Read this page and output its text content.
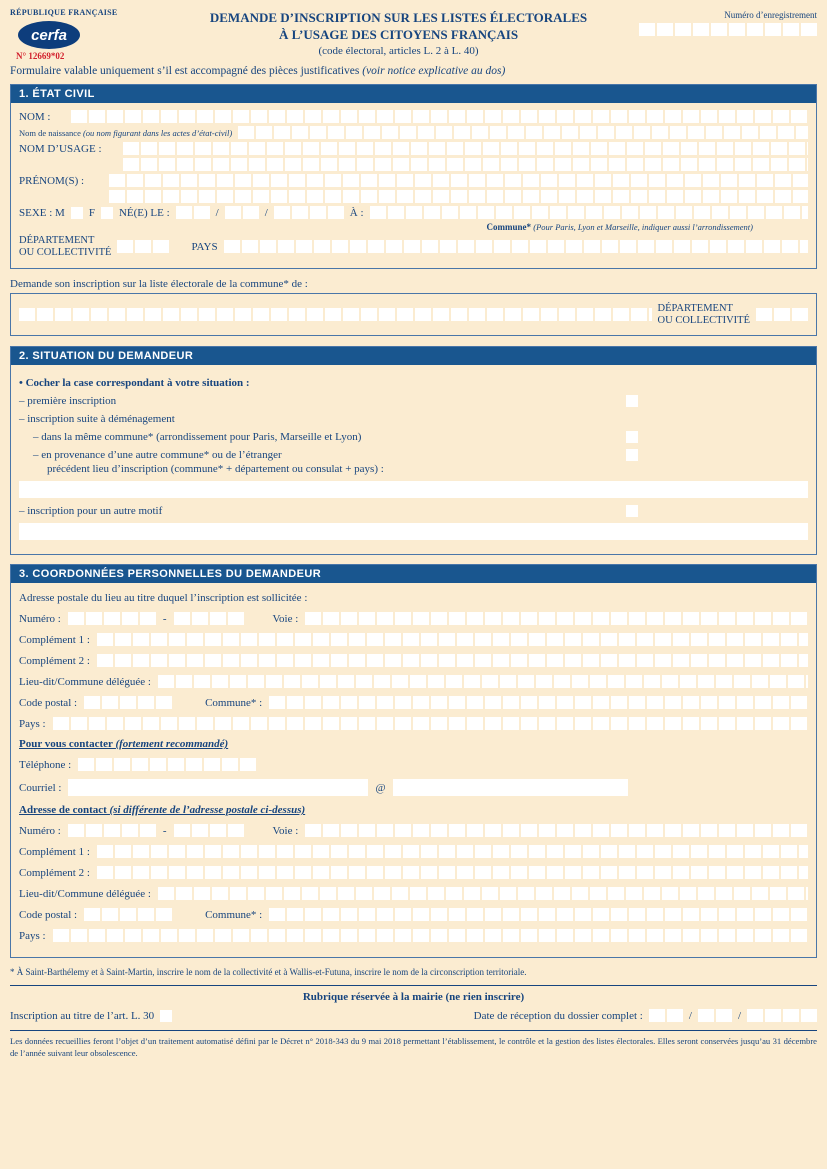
RÉPUBLIQUE FRANÇAISE
cerfa
N° 12669*02
DEMANDE D’INSCRIPTION SUR LES LISTES ÉLECTORALES
À L’USAGE DES CITOYENS FRANÇAIS
(code électoral, articles L. 2 à L. 40)
Numéro d’enregistrement

Formulaire valable uniquement s’il est accompagné des pièces justificatives (voir notice explicative au dos)

1. ÉTAT CIVIL
NOM :
Nom de naissance (ou nom figurant dans les actes d’état-civil)
NOM D’USAGE :
PRÉNOM(S) :
SEXE : M F NÉ(E) LE :	/	/	À :
Commune* (Pour Paris, Lyon et Marseille, indiquer aussi l’arrondissement)
DÉPARTEMENT
OU COLLECTIVITÉ	PAYS

Demande son inscription sur la liste électorale de la commune* de :

DÉPARTEMENT
OU COLLECTIVITÉ
2. SITUATION DU DEMANDEUR
• Cocher la case correspondant à votre situation :
– première inscription
– inscription suite à déménagement
– dans la même commune* (arrondissement pour Paris, Marseille et Lyon)
– en provenance d’une autre commune* ou de l’étranger
précédent lieu d’inscription (commune* + département ou consulat + pays) :
– inscription pour un autre motif
3. COORDONNÉES PERSONNELLES DU DEMANDEUR
Adresse postale du lieu au titre duquel l’inscription est sollicitée :
Numéro :	-	Voie :
Complément 1 :
Complément 2 :
Lieu-dit/Commune déléguée :
Code postal :	Commune* :
Pays :
Pour vous contacter (fortement recommandé)
Téléphone :
Courriel :	@
Adresse de contact (si différente de l’adresse postale ci-dessus)
Numéro :	-	Voie :
Complément 1 :
Complément 2 :
Lieu-dit/Commune déléguée :
Code postal :	Commune* :
Pays :
* À Saint-Barthélemy et à Saint-Martin, inscrire le nom de la collectivité et à Wallis-et-Futuna, inscrire le nom de la circonscription territoriale.
Rubrique réservée à la mairie (ne rien inscrire)
Inscription au titre de l’art. L. 30	Date de réception du dossier complet :	/	/
Les données recueillies feront l’objet d’un traitement automatisé défini par le Décret n° 2018-343 du 9 mai 2018 permettant l’établissement, le contrôle et la gestion des listes électorales. Elles seront conservées jusqu’au 31 décembre de l’année suivant leur obsolescence.
